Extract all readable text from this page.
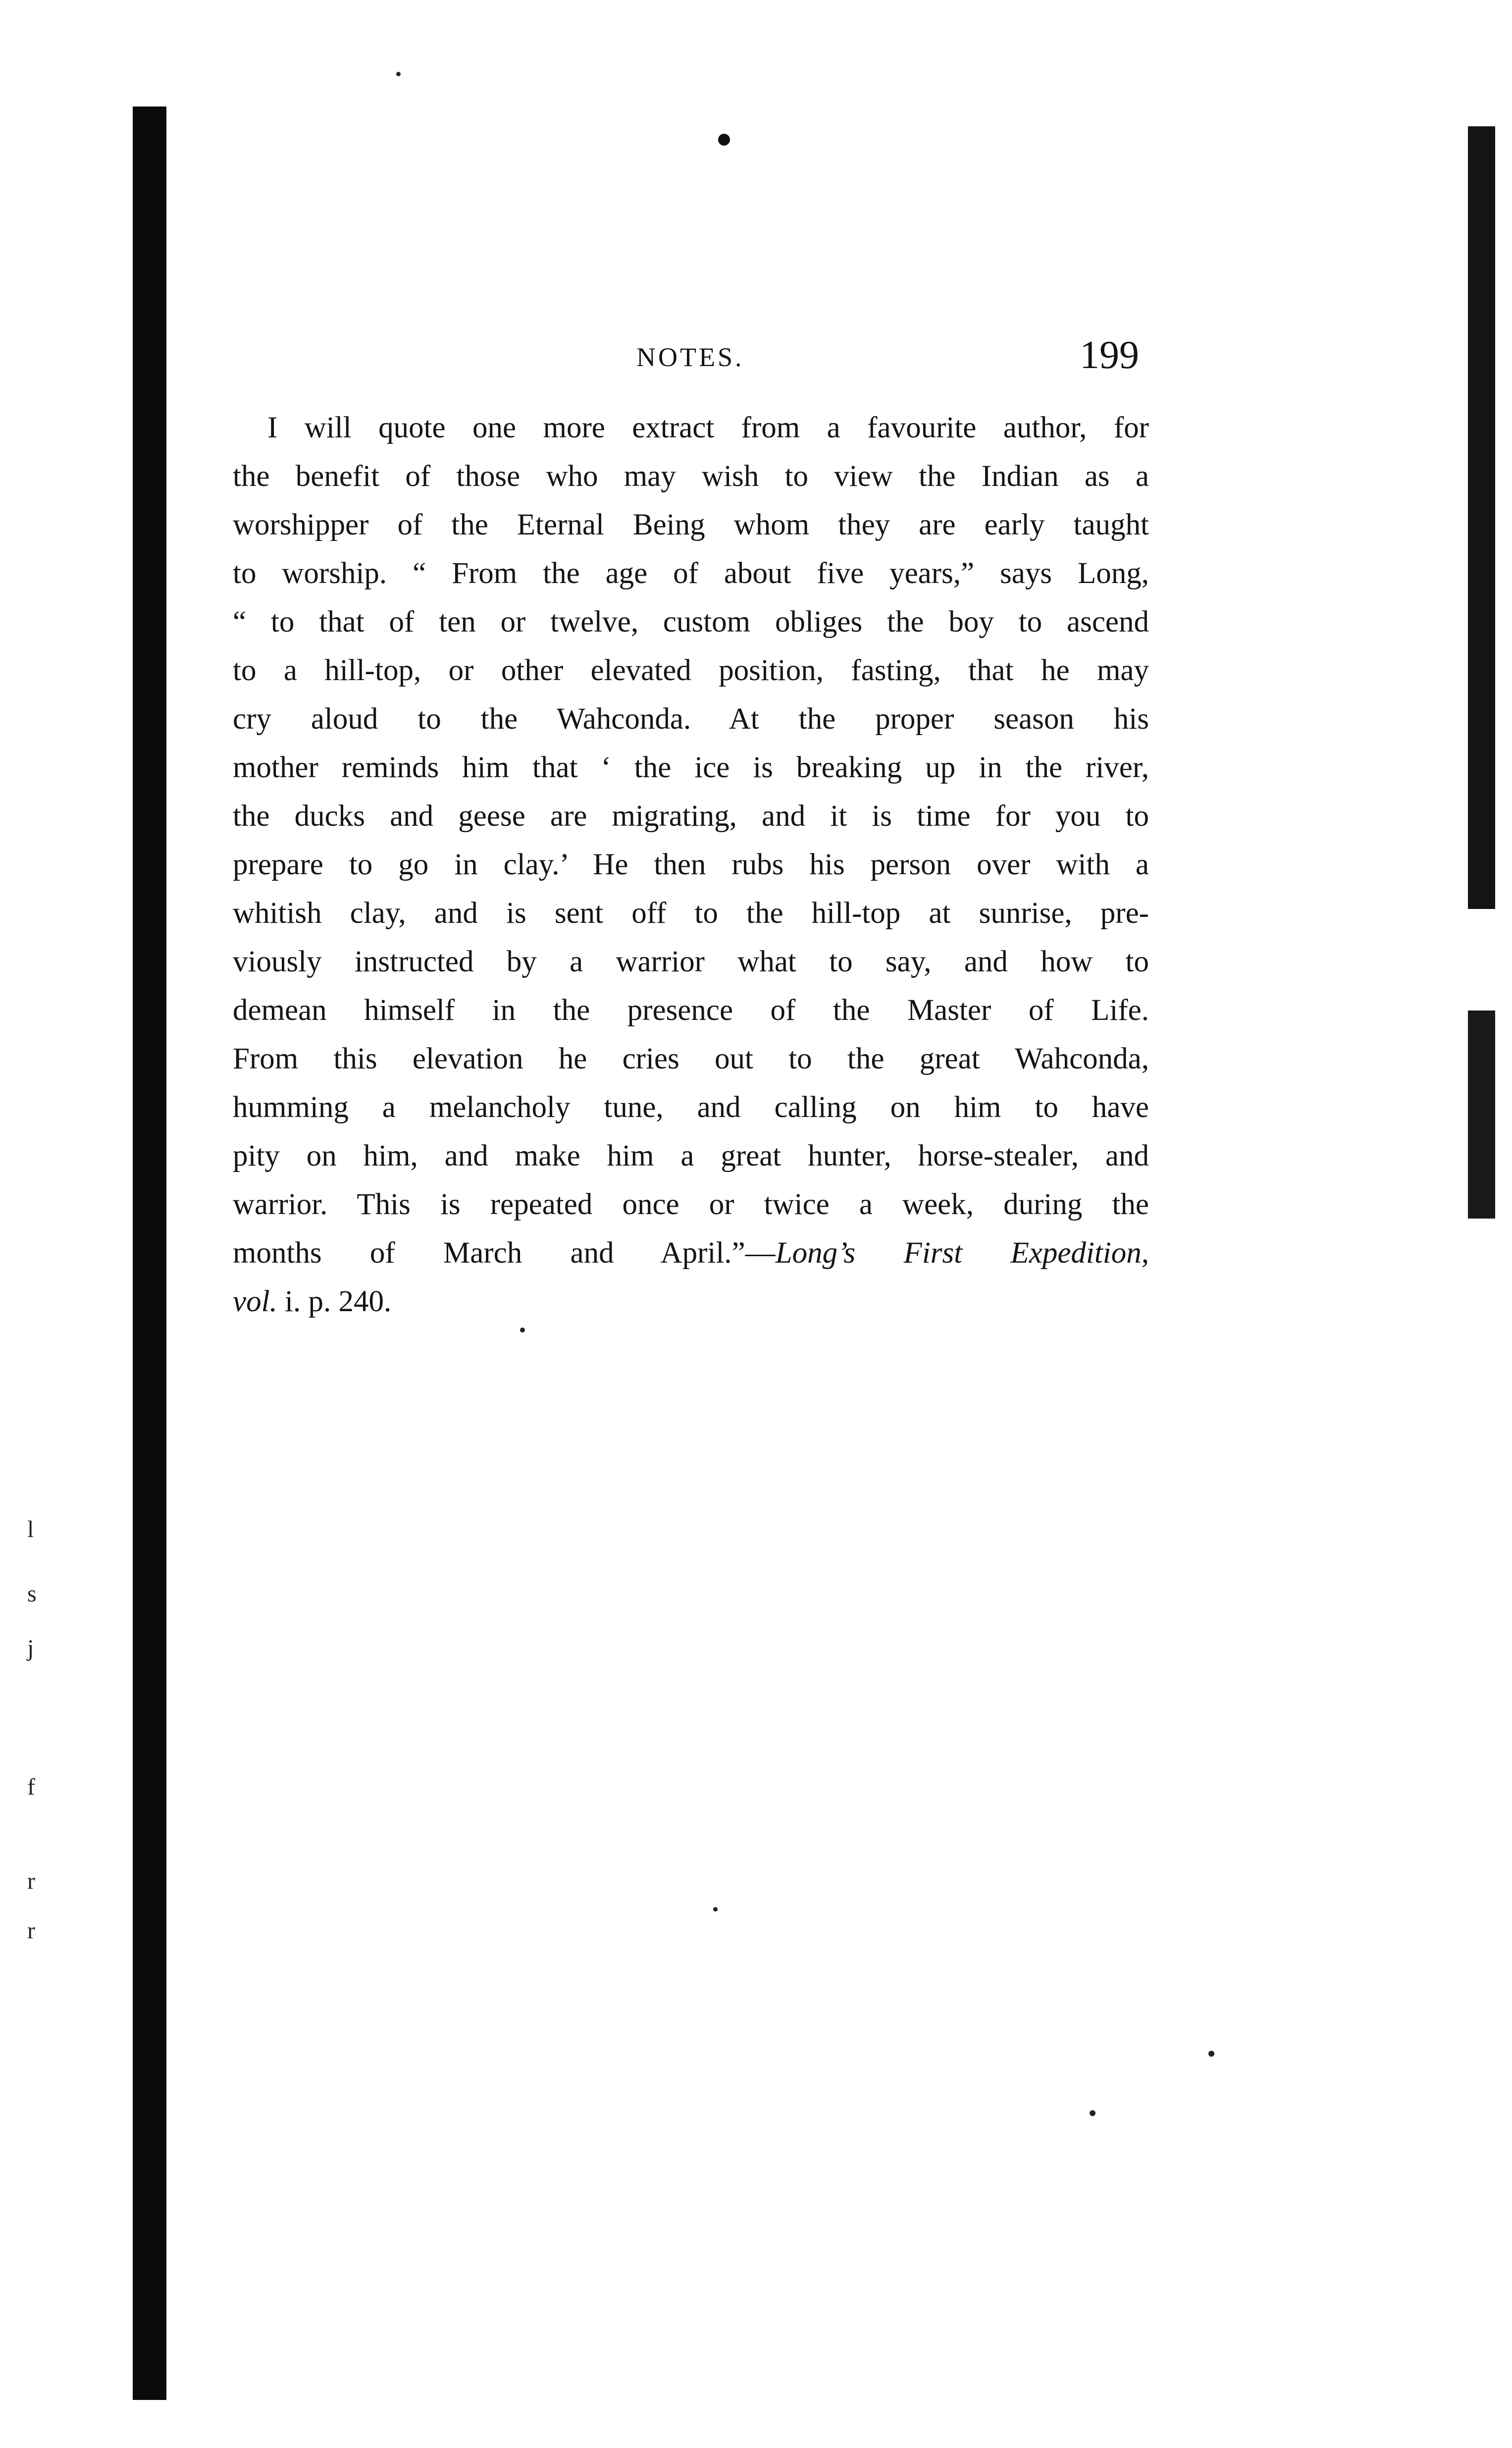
l
s
j
f
r
r
NOTES.	199
I will quote one more extract from a favourite author, for
the benefit of those who may wish to view the Indian as a
worshipper of the Eternal Being whom they are early taught
to worship. “ From the age of about five years,” says Long,
“ to that of ten or twelve, custom obliges the boy to ascend
to a hill-top, or other elevated position, fasting, that he may
cry aloud to the Wahconda. At the proper season his
mother reminds him that ‘ the ice is breaking up in the river,
the ducks and geese are migrating, and it is time for you to
prepare to go in clay.’ He then rubs his person over with a
whitish clay, and is sent off to the hill-top at sunrise, pre-
viously instructed by a warrior what to say, and how to
demean himself in the presence of the Master of Life.
From this elevation he cries out to the great Wahconda,
humming a melancholy tune, and calling on him to have
pity on him, and make him a great hunter, horse-stealer, and
warrior. This is repeated once or twice a week, during the
months of March and April.”—Long’s First Expedition,
vol. i. p. 240.
